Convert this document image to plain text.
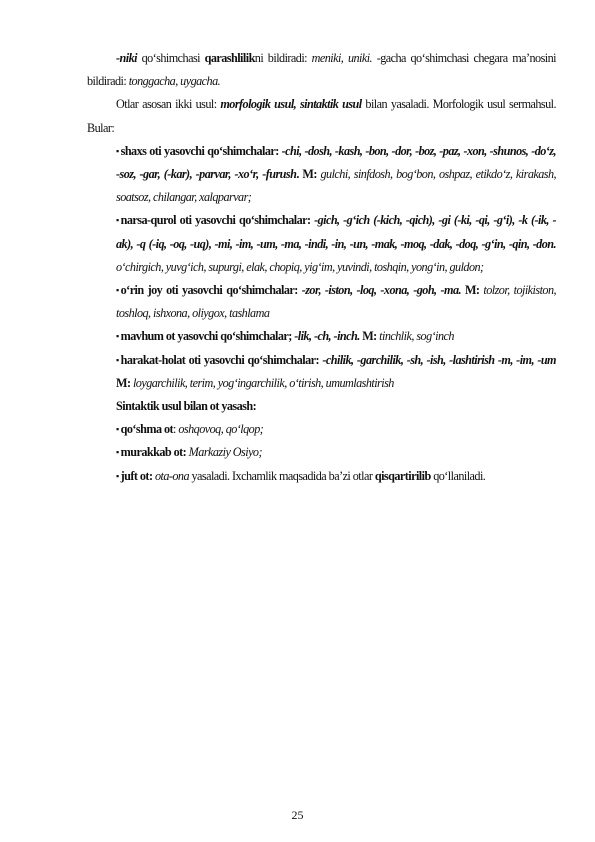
-niki qo‘shimchasi qarashlilikni bildiradi: meniki, uniki. -gacha qo‘shimchasi chegara ma’nosini bildiradi: tonggacha, uygacha.

Otlar asosan ikki usul: morfologik usul, sintaktik usul bilan yasaladi. Morfologik usul sermahsul. Bular:

▪ shaxs oti yasovchi qo‘shimchalar: -chi, -dosh, -kash, -bon, -dor, -boz, -paz, -xon, -shunos, -do‘z, -soz, -gar, (-kar), -parvar, -xo‘r, -furush. M: gulchi, sinfdosh, bog‘bon, oshpaz, etikdo‘z, kirakash, soatsoz, chilangar, xalqparvar;

▪ narsa-qurol oti yasovchi qo‘shimchalar: -gich, -g‘ich (-kich, -qich), -gi (-ki, -qi, -g‘i), -k (-ik, -ak), -q (-iq, -oq, -uq), -mi, -im, -um, -ma, -indi, -in, -un, -mak, -moq, -dak, -doq, -g‘in, -qin, -don. o‘chirgich, yuvg‘ich, supurgi, elak, chopiq, yig‘im, yuvindi, toshqin, yong‘in, guldon;

▪ o‘rin joy oti yasovchi qo‘shimchalar: -zor, -iston, -loq, -xona, -goh, -ma. M: tolzor, tojikiston, toshloq, ishxona, oliygox, tashlama

▪ mavhum ot yasovchi qo‘shimchalar; -lik, -ch, -inch. M: tinchlik, sog‘inch

▪ harakat-holat oti yasovchi qo‘shimchalar: -chilik, -garchilik, -sh, -ish, -lashtirish -m, -im, -um M: loygarchilik, terim, yog‘ingarchilik, o‘tirish, umumlashtirish

Sintaktik usul bilan ot yasash:

▪ qo‘shma ot: oshqovoq, qo‘lqop;

▪ murakkab ot: Markaziy Osiyo;

▪ juft ot: ota-ona yasaladi. Ixchamlik maqsadida ba’zi otlar qisqartirilib qo‘llaniladi.

25
